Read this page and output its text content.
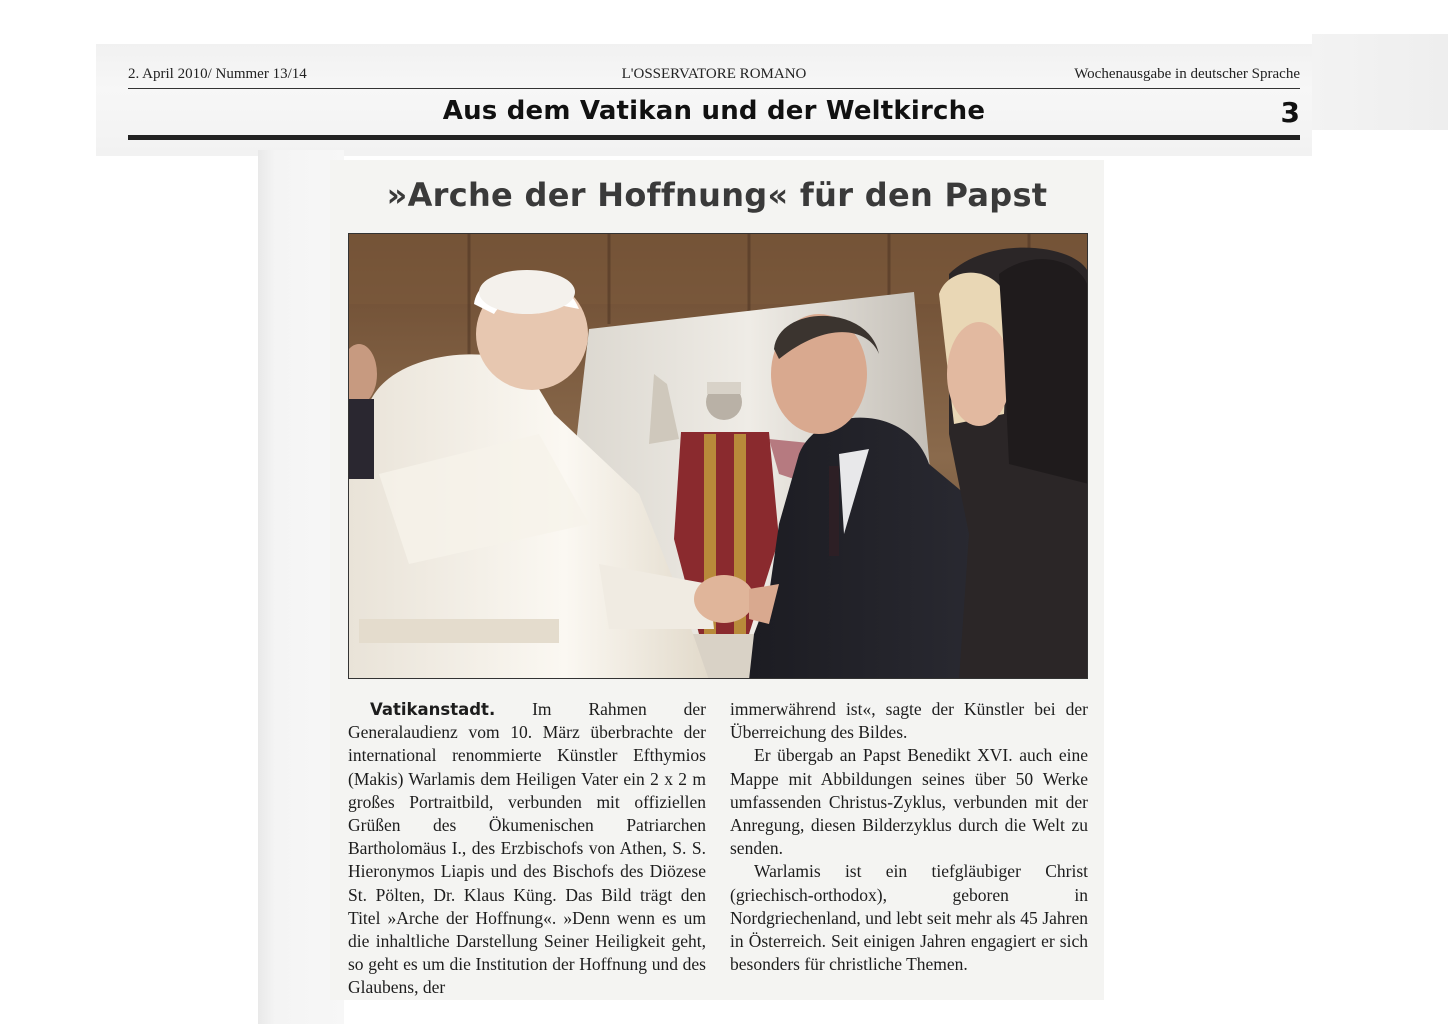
2. April 2010/ Nummer 13/14	L'OSSERVATORE ROMANO	Wochenausgabe in deutscher Sprache
Aus dem Vatikan und der Weltkirche	3
»Arche der Hoffnung« für den Papst

Vatikanstadt. Im Rahmen der Generalaudienz vom 10. März überbrachte der international renommierte Künstler Efthymios (Makis) Warlamis dem Heiligen Vater ein 2 x 2 m großes Portraitbild, verbunden mit offiziellen Grüßen des Ökumenischen Patriarchen Bartholomäus I., des Erzbischofs von Athen, S. S. Hieronymos Liapis und des Bischofs des Diözese St. Pölten, Dr. Klaus Küng. Das Bild trägt den Titel »Arche der Hoffnung«. »Denn wenn es um die inhaltliche Darstellung Seiner Heiligkeit geht, so geht es um die Institution der Hoffnung und des Glaubens, der

immerwährend ist«, sagte der Künstler bei der Überreichung des Bildes.

Er übergab an Papst Benedikt XVI. auch eine Mappe mit Abbildungen seines über 50 Werke umfassenden Christus-Zyklus, verbunden mit der Anregung, diesen Bilderzyklus durch die Welt zu senden.

Warlamis ist ein tiefgläubiger Christ (griechisch-orthodox), geboren in Nordgriechenland, und lebt seit mehr als 45 Jahren in Österreich. Seit einigen Jahren engagiert er sich besonders für christliche Themen.
